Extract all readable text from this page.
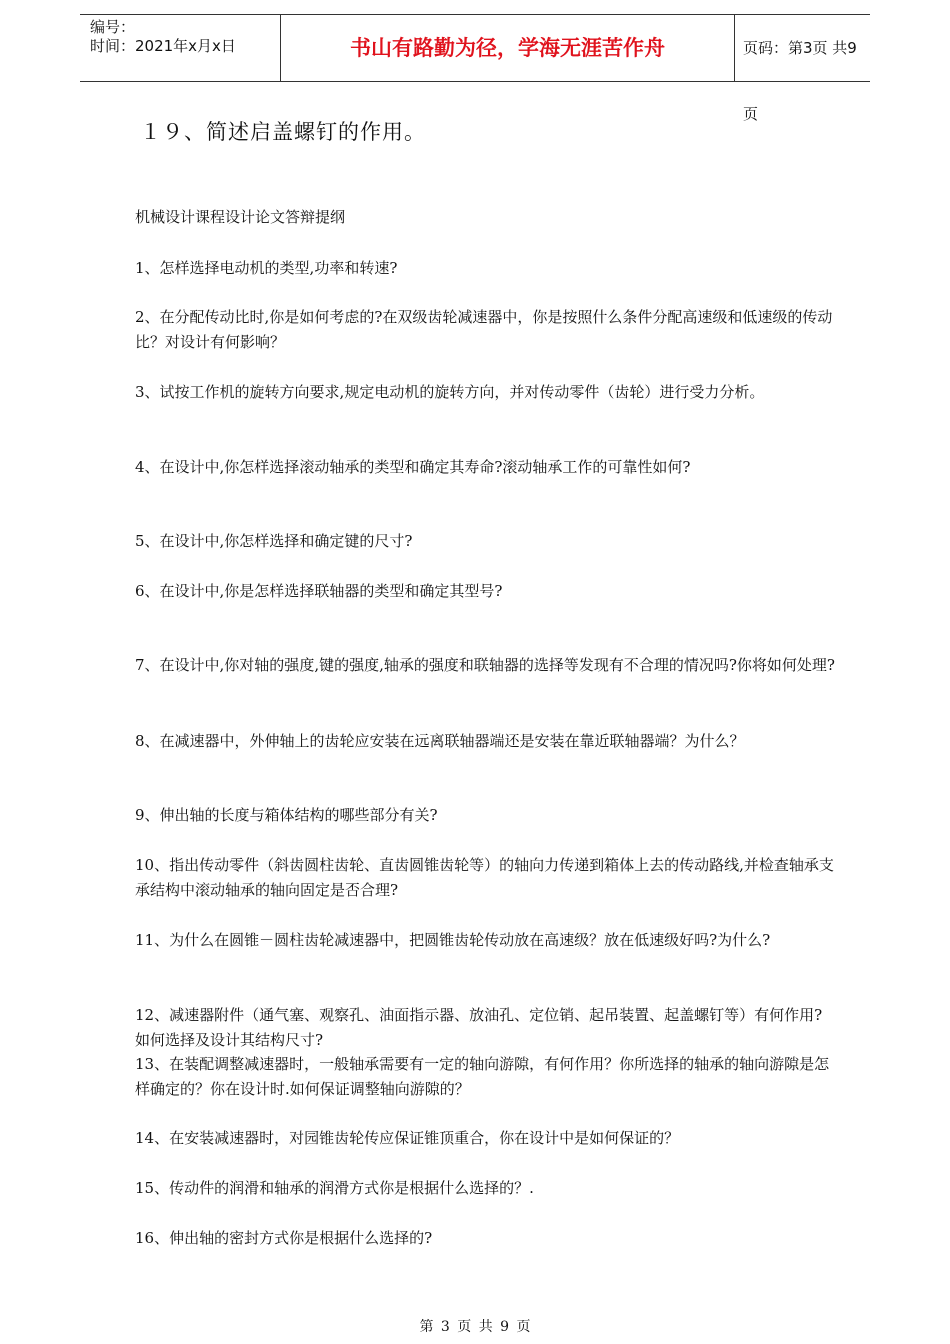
编号：
时间：2021年x月x日	书山有路勤为径，学海无涯苦作舟	页码：第3页 共9页
１９、简述启盖螺钉的作用。
机械设计课程设计论文答辩提纲
1、怎样选择电动机的类型,功率和转速?
2、在分配传动比时,你是如何考虑的?在双级齿轮减速器中，你是按照什么条件分配高速级和低速级的传动比？对设计有何影响？
3、试按工作机的旋转方向要求,规定电动机的旋转方向，并对传动零件（齿轮）进行受力分析。
4、在设计中,你怎样选择滚动轴承的类型和确定其寿命?滚动轴承工作的可靠性如何?
5、在设计中,你怎样选择和确定键的尺寸?
6、在设计中,你是怎样选择联轴器的类型和确定其型号?
7、在设计中,你对轴的强度,键的强度,轴承的强度和联轴器的选择等发现有不合理的情况吗?你将如何处理?
8、在减速器中，外伸轴上的齿轮应安装在远离联轴器端还是安装在靠近联轴器端？为什么？
9、伸出轴的长度与箱体结构的哪些部分有关?
10、指出传动零件（斜齿圆柱齿轮、直齿圆锥齿轮等）的轴向力传递到箱体上去的传动路线,并检查轴承支承结构中滚动轴承的轴向固定是否合理?
11、为什么在圆锥－圆柱齿轮减速器中，把圆锥齿轮传动放在高速级？放在低速级好吗?为什么?
12、减速器附件（通气塞、观察孔、油面指示器、放油孔、定位销、起吊装置、起盖螺钉等）有何作用?如何选择及设计其结构尺寸?
13、在装配调整减速器时，一般轴承需要有一定的轴向游隙，有何作用？你所选择的轴承的轴向游隙是怎样确定的？你在设计时.如何保证调整轴向游隙的？
14、在安装减速器时，对园锥齿轮传应保证锥顶重合，你在设计中是如何保证的？
15、传动件的润滑和轴承的润滑方式你是根据什么选择的？.
16、伸出轴的密封方式你是根据什么选择的?
第 3 页 共 9 页
